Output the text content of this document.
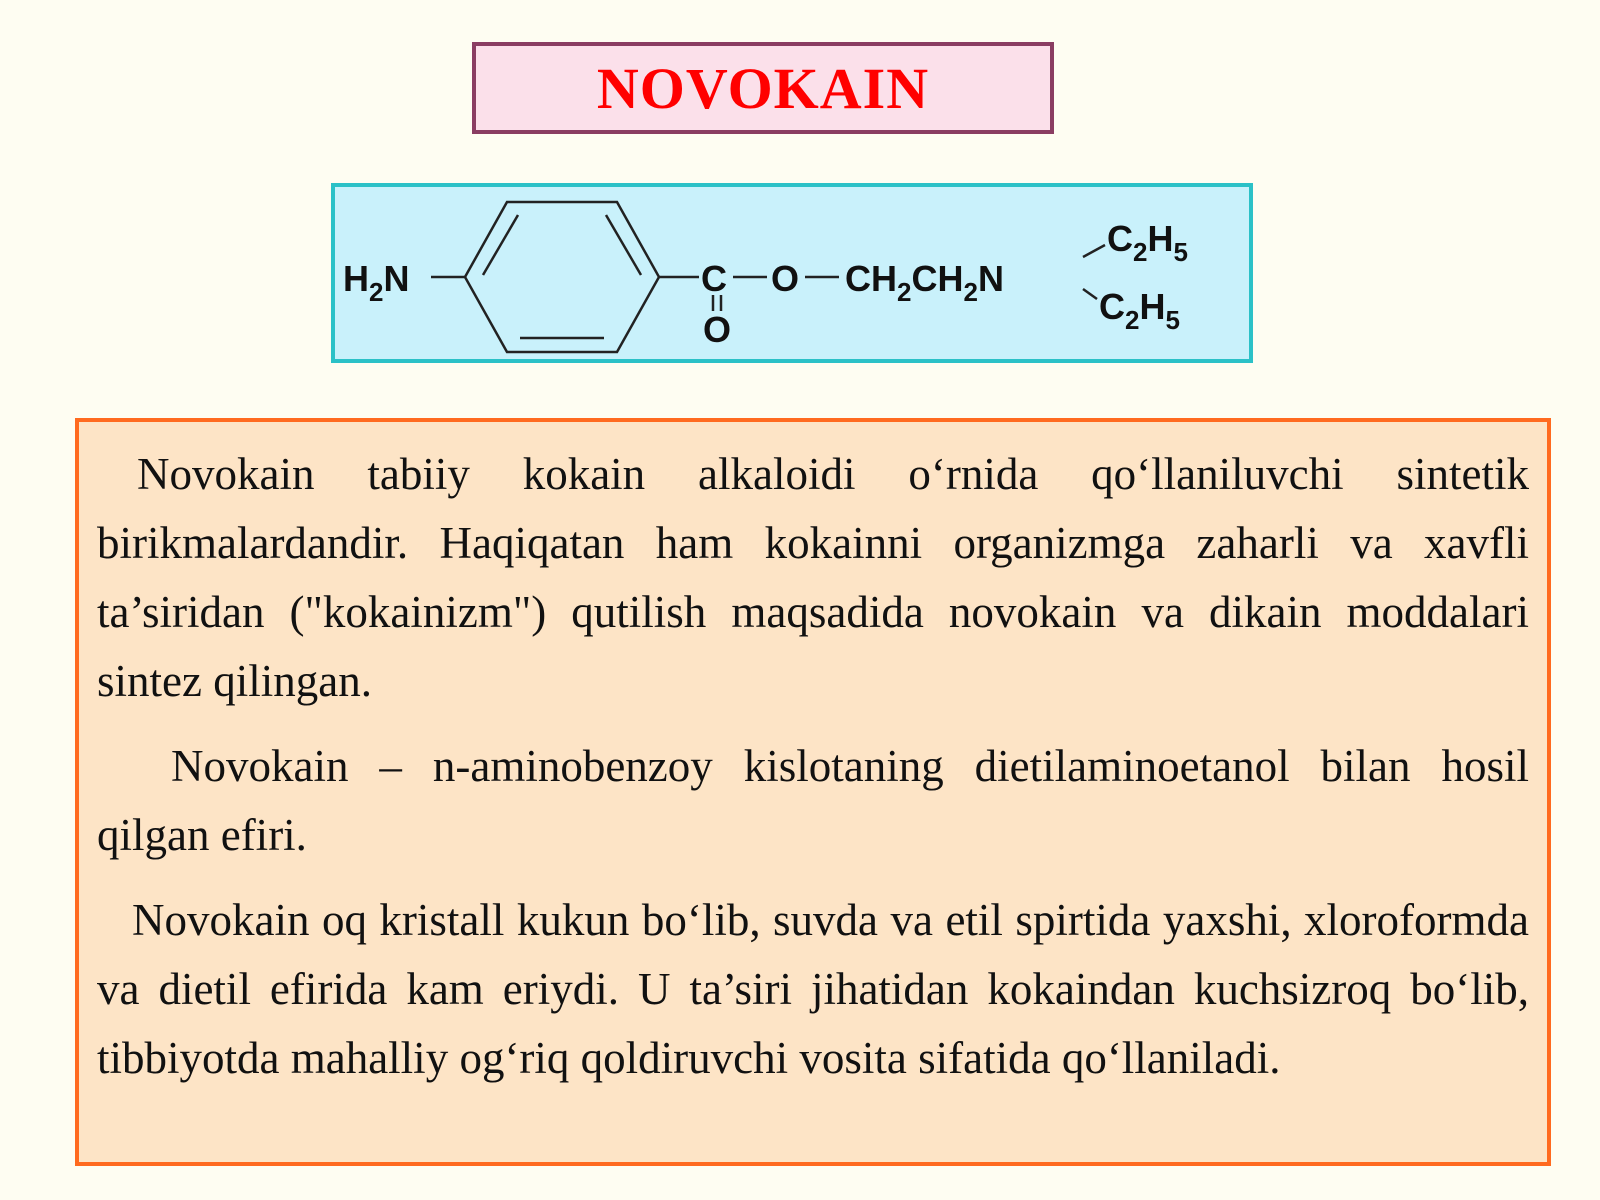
NOVOKAIN
$H_2N$	C
O
O $CH_2CH_2N$
$C_2H_5$
$C_2H_5$

Novokain tabiiy kokain alkaloidi o‘rnida qo‘llaniluvchi sintetik birikmalardandir. Haqiqatan ham kokainni organizmga zaharli va xavfli ta’siridan ("kokainizm") qutilish maqsadida novokain va dikain moddalari sintez qilingan.

Novokain – n-aminobenzoy kislotaning dietilaminoetanol bilan hosil qilgan efiri.

Novokain oq kristall kukun bo‘lib, suvda va etil spirtida yaxshi, xloroformda va dietil efirida kam eriydi. U ta’siri jihatidan kokaindan kuchsizroq bo‘lib, tibbiyotda mahalliy og‘riq qoldiruvchi vosita sifatida qo‘llaniladi.
